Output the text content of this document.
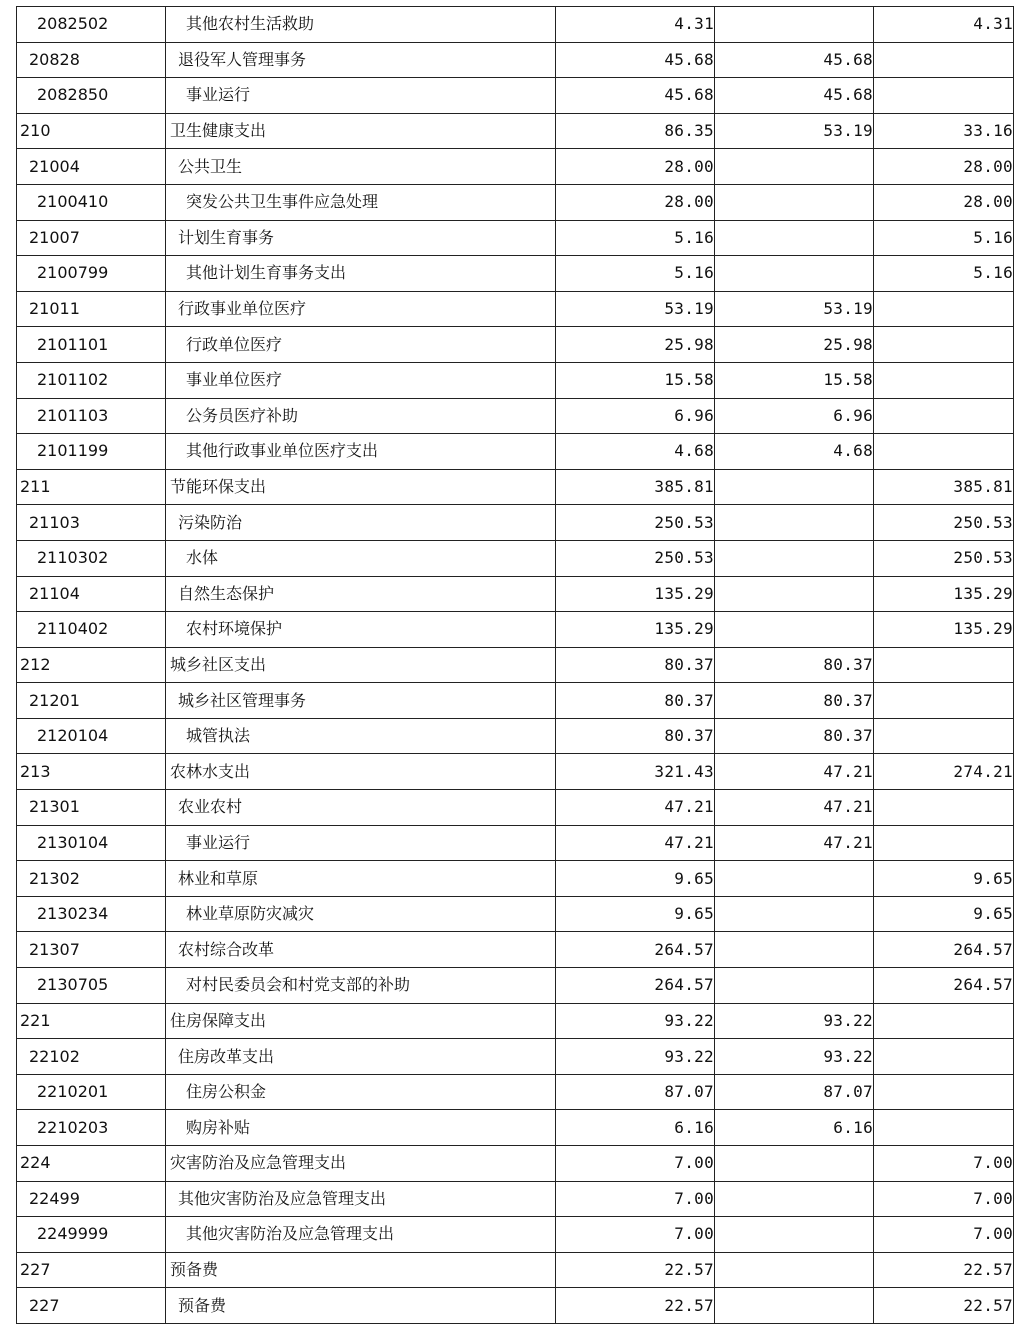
2082502	其他农村生活救助	4.31		4.31
20828	退役军人管理事务	45.68	45.68	
2082850	事业运行	45.68	45.68	
210	卫生健康支出	86.35	53.19	33.16
21004	公共卫生	28.00		28.00
2100410	突发公共卫生事件应急处理	28.00		28.00
21007	计划生育事务	5.16		5.16
2100799	其他计划生育事务支出	5.16		5.16
21011	行政事业单位医疗	53.19	53.19	
2101101	行政单位医疗	25.98	25.98	
2101102	事业单位医疗	15.58	15.58	
2101103	公务员医疗补助	6.96	6.96	
2101199	其他行政事业单位医疗支出	4.68	4.68	
211	节能环保支出	385.81		385.81
21103	污染防治	250.53		250.53
2110302	水体	250.53		250.53
21104	自然生态保护	135.29		135.29
2110402	农村环境保护	135.29		135.29
212	城乡社区支出	80.37	80.37	
21201	城乡社区管理事务	80.37	80.37	
2120104	城管执法	80.37	80.37	
213	农林水支出	321.43	47.21	274.21
21301	农业农村	47.21	47.21	
2130104	事业运行	47.21	47.21	
21302	林业和草原	9.65		9.65
2130234	林业草原防灾减灾	9.65		9.65
21307	农村综合改革	264.57		264.57
2130705	对村民委员会和村党支部的补助	264.57		264.57
221	住房保障支出	93.22	93.22	
22102	住房改革支出	93.22	93.22	
2210201	住房公积金	87.07	87.07	
2210203	购房补贴	6.16	6.16	
224	灾害防治及应急管理支出	7.00		7.00
22499	其他灾害防治及应急管理支出	7.00		7.00
2249999	其他灾害防治及应急管理支出	7.00		7.00
227	预备费	22.57		22.57
227	预备费	22.57		22.57
